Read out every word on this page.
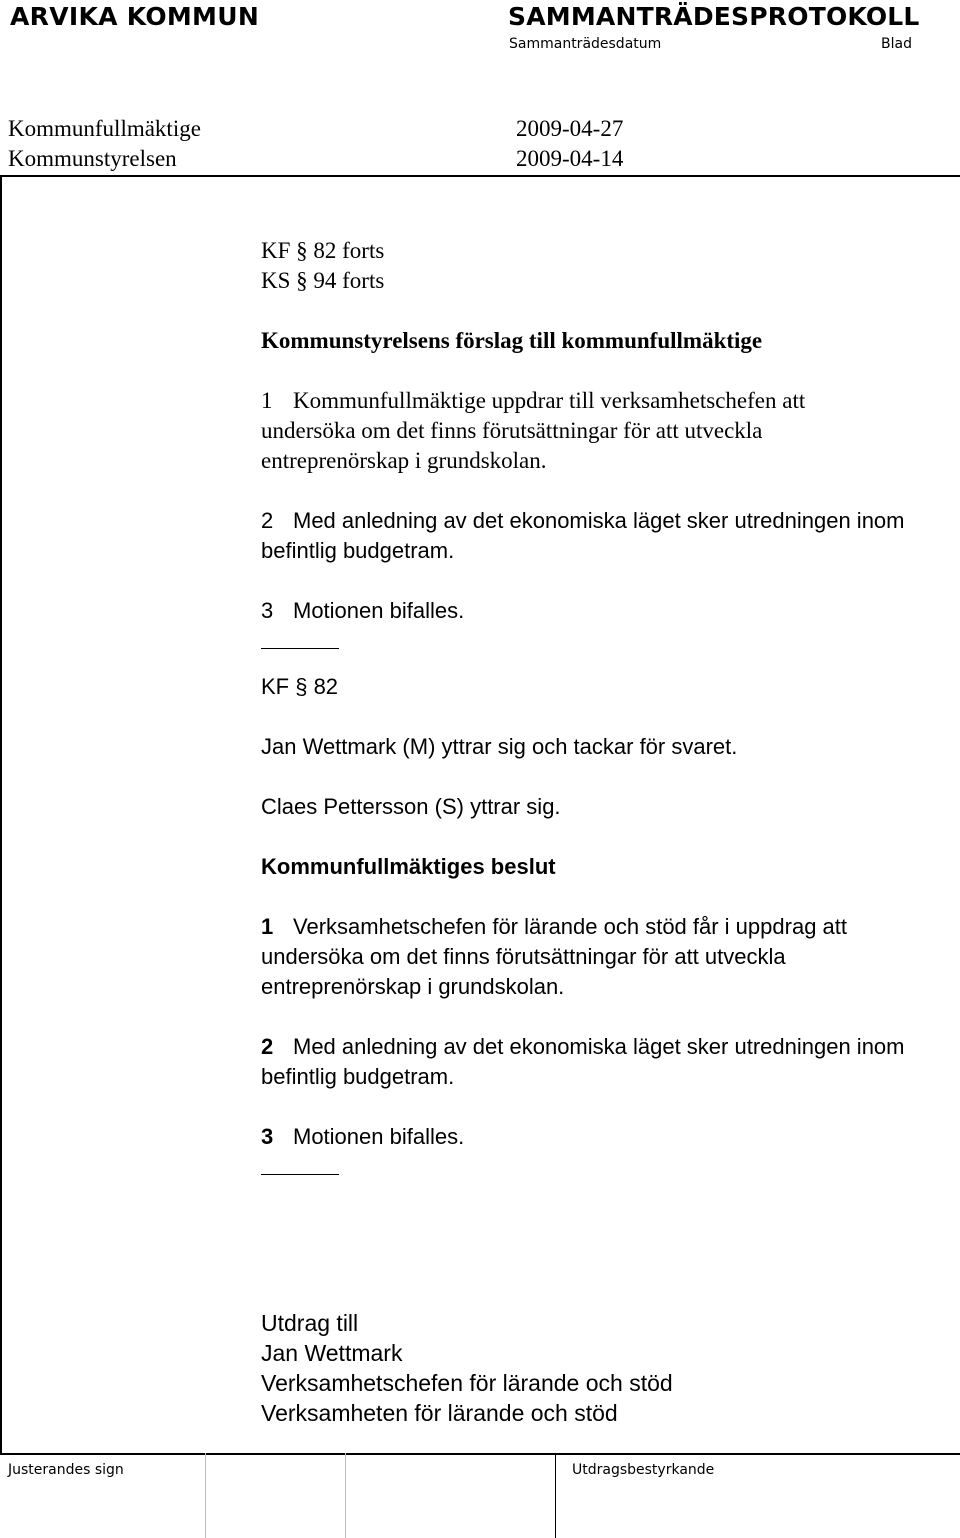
ARVIKA KOMMUN	SAMMANTRÄDESPROTOKOLL
Sammanträdesdatum	Blad
Kommunfullmäktige	2009-04-27
Kommunstyrelsen	2009-04-14

KF § 82 forts

KS § 94 forts

Kommunstyrelsens förslag till kommunfullmäktige

1 Kommunfullmäktige uppdrar till verksamhetschefen att

undersöka om det finns förutsättningar för att utveckla

entreprenörskap i grundskolan.

2 Med anledning av det ekonomiska läget sker utredningen inom

befintlig budgetram.

3 Motionen bifalles.

KF § 82

Jan Wettmark (M) yttrar sig och tackar för svaret.

Claes Pettersson (S) yttrar sig.

Kommunfullmäktiges beslut

1 Verksamhetschefen för lärande och stöd får i uppdrag att

undersöka om det finns förutsättningar för att utveckla

entreprenörskap i grundskolan.

2 Med anledning av det ekonomiska läget sker utredningen inom

befintlig budgetram.

3 Motionen bifalles.

Utdrag till

Jan Wettmark

Verksamhetschefen för lärande och stöd

Verksamheten för lärande och stöd

Justerandes sign	Utdragsbestyrkande
